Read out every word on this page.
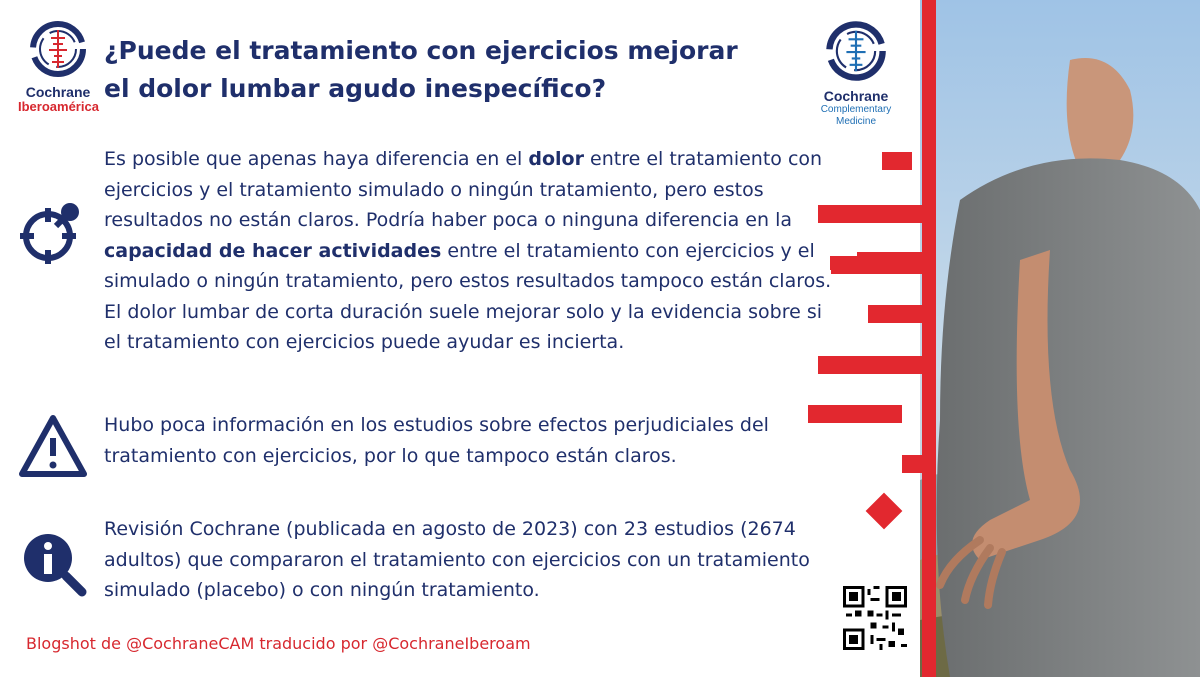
Cochrane
Iberoamérica
Cochrane
Complementary Medicine
¿Puede el tratamiento con ejercicios mejorar
el dolor lumbar agudo inespecífico?

Es posible que apenas haya diferencia en el dolor entre el tratamiento con ejercicios y el tratamiento simulado o ningún tratamiento, pero estos resultados no están claros. Podría haber poca o ninguna diferencia en la capacidad de hacer actividades entre el tratamiento con ejercicios y el simulado o ningún tratamiento, pero estos resultados tampoco están claros. El dolor lumbar de corta duración suele mejorar solo y la evidencia sobre si el tratamiento con ejercicios puede ayudar es incierta.

Hubo poca información en los estudios sobre efectos perjudiciales del tratamiento con ejercicios, por lo que tampoco están claros.

Revisión Cochrane (publicada en agosto de 2023) con 23 estudios (2674 adultos) que compararon el tratamiento con ejercicios con un tratamiento simulado (placebo) o con ningún tratamiento.

Blogshot de @CochraneCAM traducido por @CochraneIberoam
